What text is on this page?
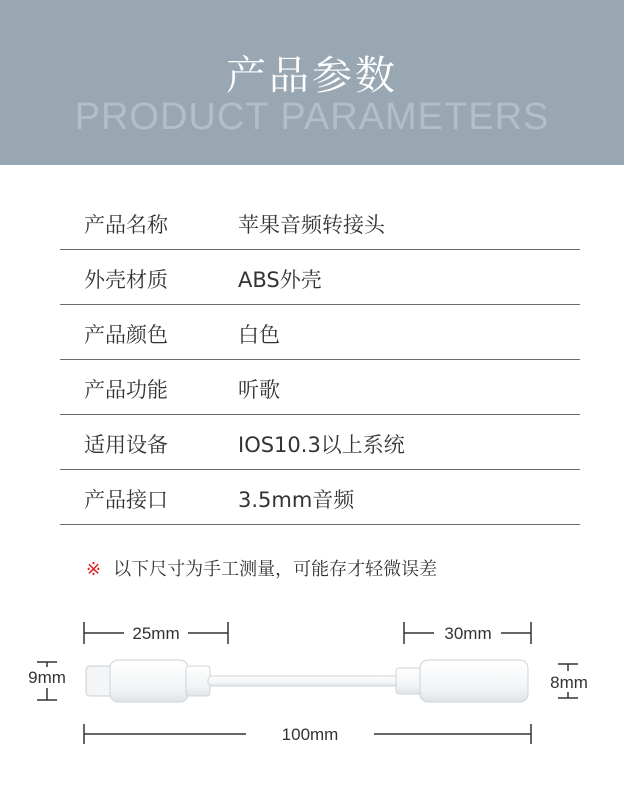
产品参数
PRODUCT PARAMETERS
产品名称	苹果音频转接头
外壳材质	ABS外壳
产品颜色	白色
产品功能	听歌
适用设备	IOS10.3以上系统
产品接口	3.5mm音频
※ 以下尺寸为手工测量，可能存才轻微误差
25mm	30mm
9mm	8mm
100mm
